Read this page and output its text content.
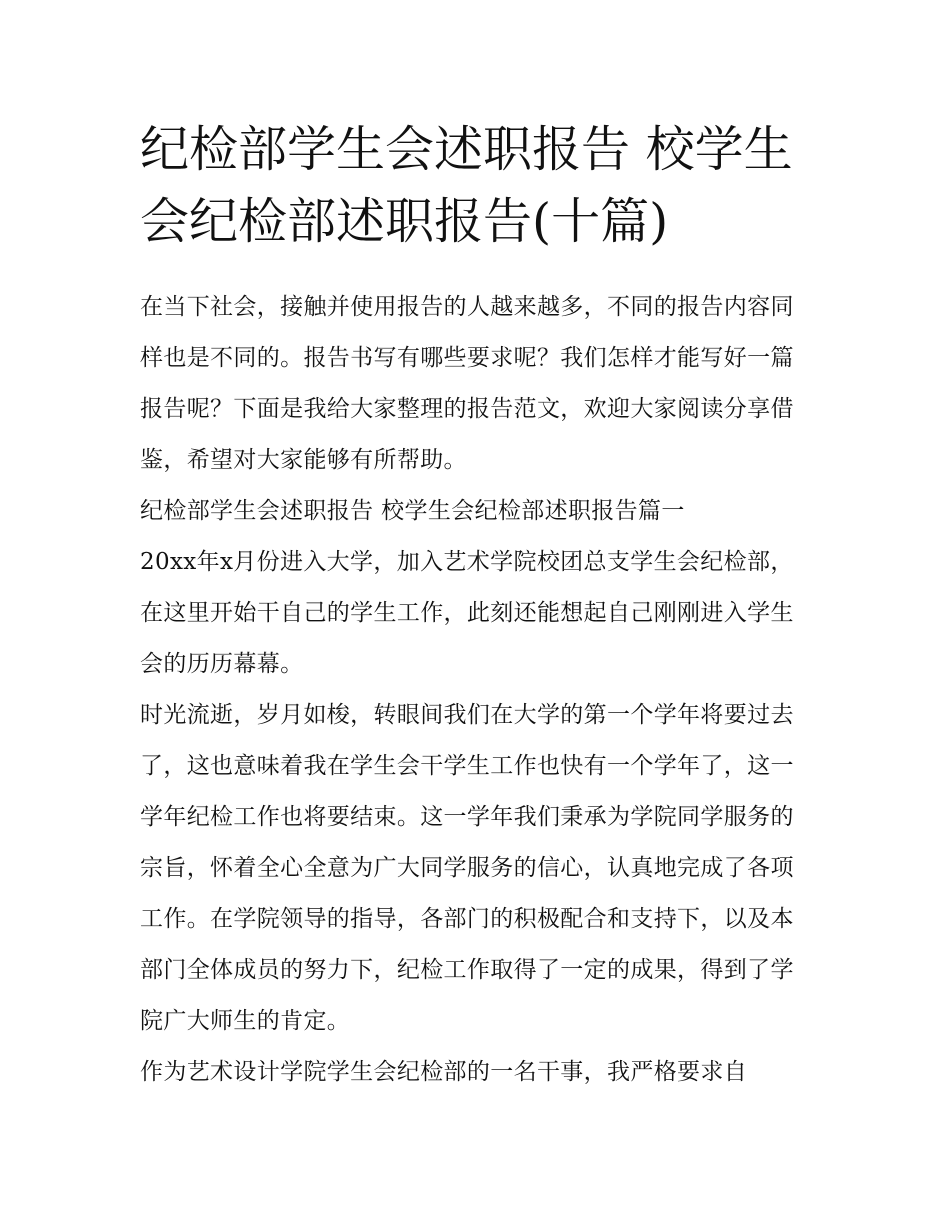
纪检部学生会述职报告 校学生会纪检部述职报告(十篇)

在当下社会，接触并使用报告的人越来越多，不同的报告内容同样也是不同的。报告书写有哪些要求呢？我们怎样才能写好一篇报告呢？下面是我给大家整理的报告范文，欢迎大家阅读分享借鉴，希望对大家能够有所帮助。

纪检部学生会述职报告 校学生会纪检部述职报告篇一

20xx年x月份进入大学，加入艺术学院校团总支学生会纪检部，在这里开始干自己的学生工作，此刻还能想起自己刚刚进入学生会的历历幕幕。

时光流逝，岁月如梭，转眼间我们在大学的第一个学年将要过去了，这也意味着我在学生会干学生工作也快有一个学年了，这一学年纪检工作也将要结束。这一学年我们秉承为学院同学服务的宗旨，怀着全心全意为广大同学服务的信心，认真地完成了各项工作。在学院领导的指导，各部门的积极配合和支持下，以及本部门全体成员的努力下，纪检工作取得了一定的成果，得到了学院广大师生的肯定。

作为艺术设计学院学生会纪检部的一名干事，我严格要求自
